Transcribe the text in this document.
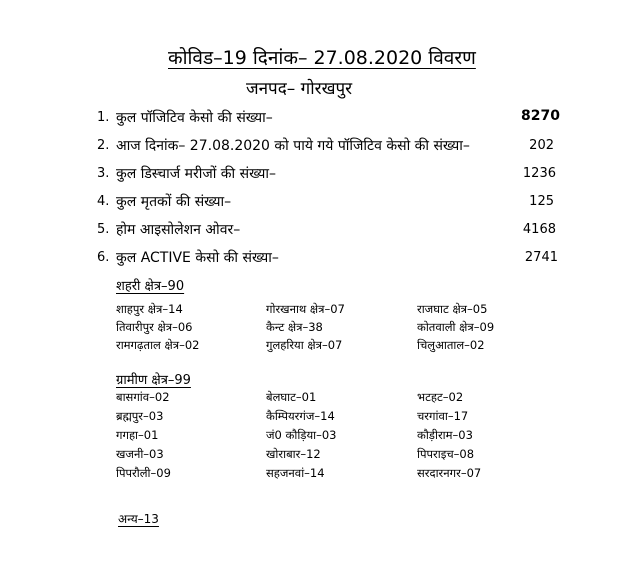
कोविड–19 दिनांक– 27.08.2020 विवरण
जनपद– गोरखपुर
1. कुल पॉजिटिव केसो की संख्या–	8270
2. आज दिनांक– 27.08.2020 को पाये गये पॉजिटिव केसो की संख्या–	202
3. कुल डिस्चार्ज मरीजों की संख्या–	1236
4. कुल मृतकों की संख्या–	125
5. होम आइसोलेशन ओवर–	4168
6. कुल ACTIVE केसो की संख्या–	2741
शहरी क्षेत्र–90
शाहपुर क्षेत्र–14	गोरखनाथ क्षेत्र–07	राजघाट क्षेत्र–05
तिवारीपुर क्षेत्र–06	कैन्ट क्षेत्र–38	कोतवाली क्षेत्र–09
रामगढ़ताल क्षेत्र–02	गुलहरिया क्षेत्र–07	चिलुआताल–02
ग्रामीण क्षेत्र–99
बासगांव–02	बेलघाट–01	भटहट–02
ब्रह्मपुर–03	कैम्पियरगंज–14	चरगांवा–17
गगहा–01	जं0 कौड़िया–03	कौड़ीराम–03
खजनी–03	खोराबार–12	पिपराइच–08
पिपरौली–09	सहजनवां–14	सरदारनगर–07
अन्य–13
